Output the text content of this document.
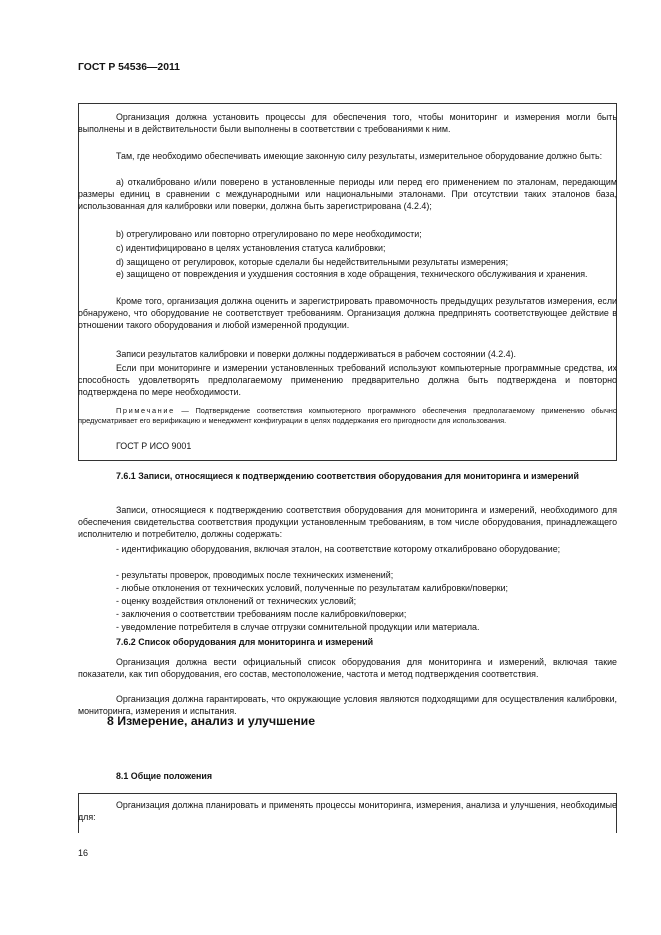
ГОСТ Р 54536—2011

Организация должна установить процессы для обеспечения того, чтобы мониторинг и измерения могли быть выполнены и в действительности были выполнены в соответствии с требованиями к ним.

Там, где необходимо обеспечивать имеющие законную силу результаты, измерительное оборудование должно быть:

а) откалибровано и/или поверено в установленные периоды или перед его применением по эталонам, передающим размеры единиц в сравнении с международными или национальными эталонами. При отсутствии таких эталонов база, использованная для калибровки или поверки, должна быть зарегистрирована (4.2.4);

b) отрегулировано или повторно отрегулировано по мере необходимости;

с) идентифицировано в целях установления статуса калибровки;

d) защищено от регулировок, которые сделали бы недействительными результаты измерения;

е) защищено от повреждения и ухудшения состояния в ходе обращения, технического обслуживания и хранения.

Кроме того, организация должна оценить и зарегистрировать правомочность предыдущих результатов измерения, если обнаружено, что оборудование не соответствует требованиям. Организация должна предпринять соответствующее действие в отношении такого оборудования и любой измеренной продукции.

Записи результатов калибровки и поверки должны поддерживаться в рабочем состоянии (4.2.4).

Если при мониторинге и измерении установленных требований используют компьютерные программные средства, их способность удовлетворять предполагаемому применению предварительно должна быть подтверждена и повторно подтверждена по мере необходимости.

Примечание — Подтверждение соответствия компьютерного программного обеспечения предполагаемому применению обычно предусматривает его верификацию и менеджмент конфигурации в целях поддержания его пригодности для использования.

ГОСТ Р ИСО 9001

7.6.1 Записи, относящиеся к подтверждению соответствия оборудования для мониторинга и измерений

Записи, относящиеся к подтверждению соответствия оборудования для мониторинга и измерений, необходимого для обеспечения свидетельства соответствия продукции установленным требованиям, в том числе оборудования, принадлежащего исполнителю и потребителю, должны содержать:

- идентификацию оборудования, включая эталон, на соответствие которому откалибровано оборудование;

- результаты проверок, проводимых после технических изменений;

- любые отклонения от технических условий, полученные по результатам калибровки/поверки;

- оценку воздействия отклонений от технических условий;

- заключения о соответствии требованиям после калибровки/поверки;

- уведомление потребителя в случае отгрузки сомнительной продукции или материала.

7.6.2 Список оборудования для мониторинга и измерений

Организация должна вести официальный список оборудования для мониторинга и измерений, включая такие показатели, как тип оборудования, его состав, местоположение, частота и метод подтверждения соответствия.

Организация должна гарантировать, что окружающие условия являются подходящими для осуществления калибровки, мониторинга, измерения и испытания.

8 Измерение, анализ и улучшение

8.1 Общие положения

Организация должна планировать и применять процессы мониторинга, измерения, анализа и улучшения, необходимые для:

16
